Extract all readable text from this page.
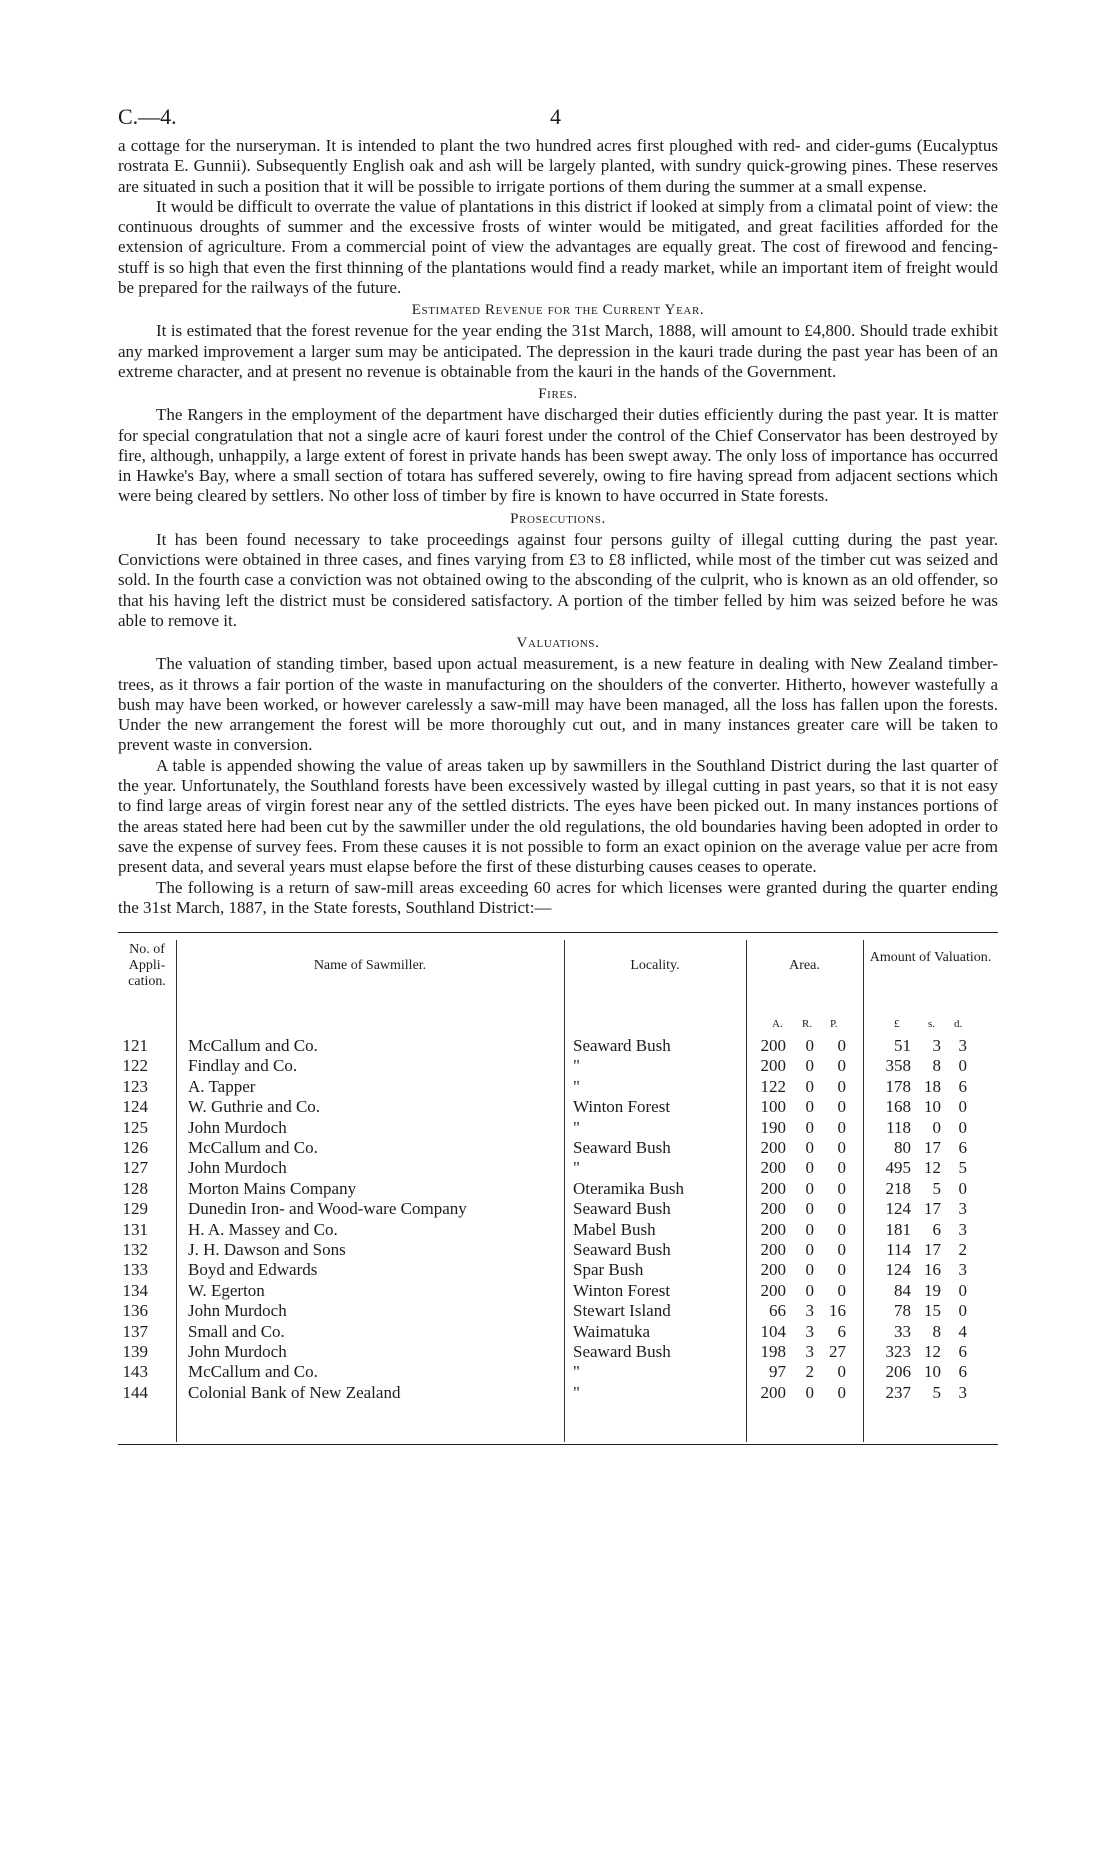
C.—4.	4

a cottage for the nurseryman. It is intended to plant the two hundred acres first ploughed with red- and cider-gums (Eucalyptus rostrata E. Gunnii). Subsequently English oak and ash will be largely planted, with sundry quick-growing pines. These reserves are situated in such a position that it will be possible to irrigate portions of them during the summer at a small expense.

It would be difficult to overrate the value of plantations in this district if looked at simply from a climatal point of view: the continuous droughts of summer and the excessive frosts of winter would be mitigated, and great facilities afforded for the extension of agriculture. From a commercial point of view the advantages are equally great. The cost of firewood and fencing-stuff is so high that even the first thinning of the plantations would find a ready market, while an important item of freight would be prepared for the railways of the future.

Estimated Revenue for the Current Year.

It is estimated that the forest revenue for the year ending the 31st March, 1888, will amount to £4,800. Should trade exhibit any marked improvement a larger sum may be anticipated. The depression in the kauri trade during the past year has been of an extreme character, and at present no revenue is obtainable from the kauri in the hands of the Government.

Fires.

The Rangers in the employment of the department have discharged their duties efficiently during the past year. It is matter for special congratulation that not a single acre of kauri forest under the control of the Chief Conservator has been destroyed by fire, although, unhappily, a large extent of forest in private hands has been swept away. The only loss of importance has occurred in Hawke's Bay, where a small section of totara has suffered severely, owing to fire having spread from adjacent sections which were being cleared by settlers. No other loss of timber by fire is known to have occurred in State forests.

Prosecutions.

It has been found necessary to take proceedings against four persons guilty of illegal cutting during the past year. Convictions were obtained in three cases, and fines varying from £3 to £8 inflicted, while most of the timber cut was seized and sold. In the fourth case a conviction was not obtained owing to the absconding of the culprit, who is known as an old offender, so that his having left the district must be considered satisfactory. A portion of the timber felled by him was seized before he was able to remove it.

Valuations.

The valuation of standing timber, based upon actual measurement, is a new feature in dealing with New Zealand timber-trees, as it throws a fair portion of the waste in manufacturing on the shoulders of the converter. Hitherto, however wastefully a bush may have been worked, or however carelessly a saw-mill may have been managed, all the loss has fallen upon the forests. Under the new arrangement the forest will be more thoroughly cut out, and in many instances greater care will be taken to prevent waste in conversion.

A table is appended showing the value of areas taken up by sawmillers in the Southland District during the last quarter of the year. Unfortunately, the Southland forests have been excessively wasted by illegal cutting in past years, so that it is not easy to find large areas of virgin forest near any of the settled districts. The eyes have been picked out. In many instances portions of the areas stated here had been cut by the sawmiller under the old regulations, the old boundaries having been adopted in order to save the expense of survey fees. From these causes it is not possible to form an exact opinion on the average value per acre from present data, and several years must elapse before the first of these disturbing causes ceases to operate.

The following is a return of saw-mill areas exceeding 60 acres for which licenses were granted during the quarter ending the 31st March, 1887, in the State forests, Southland District:—

No. of Appli- cation.
Name of Sawmiller.	Locality.	Area.
Amount of Valuation.
A. R. P.	£	s. d.
121 McCallum and Co.	Seaward Bush	200	0	0	51	3	3
122 Findlay and Co.	"	200	0	0	358	8	0
123 A. Tapper	"	122	0	0	178 18	6
124 W. Guthrie and Co.	Winton Forest	100	0	0	168 10	0
125 John Murdoch	"	190	0	0	118	0	0
126 McCallum and Co.	Seaward Bush	200	0	0	80 17	6
127 John Murdoch	"	200	0	0	495 12	5
128 Morton Mains Company	Oteramika Bush	200	0	0	218	5	0
129 Dunedin Iron- and Wood-ware Company	Seaward Bush	200	0	0	124 17	3
131 H. A. Massey and Co.	Mabel Bush	200	0	0	181	6	3
132 J. H. Dawson and Sons	Seaward Bush	200	0	0	114 17	2
133 Boyd and Edwards	Spar Bush	200	0	0	124 16	3
134 W. Egerton	Winton Forest	200	0	0	84 19	0
136 John Murdoch	Stewart Island	66	3 16	78 15	0
137 Small and Co.	Waimatuka	104	3	6	33	8	4
139 John Murdoch	Seaward Bush	198	3 27	323 12	6
143 McCallum and Co.	"	97	2	0	206 10	6
144 Colonial Bank of New Zealand	"	200	0	0	237	5	3
